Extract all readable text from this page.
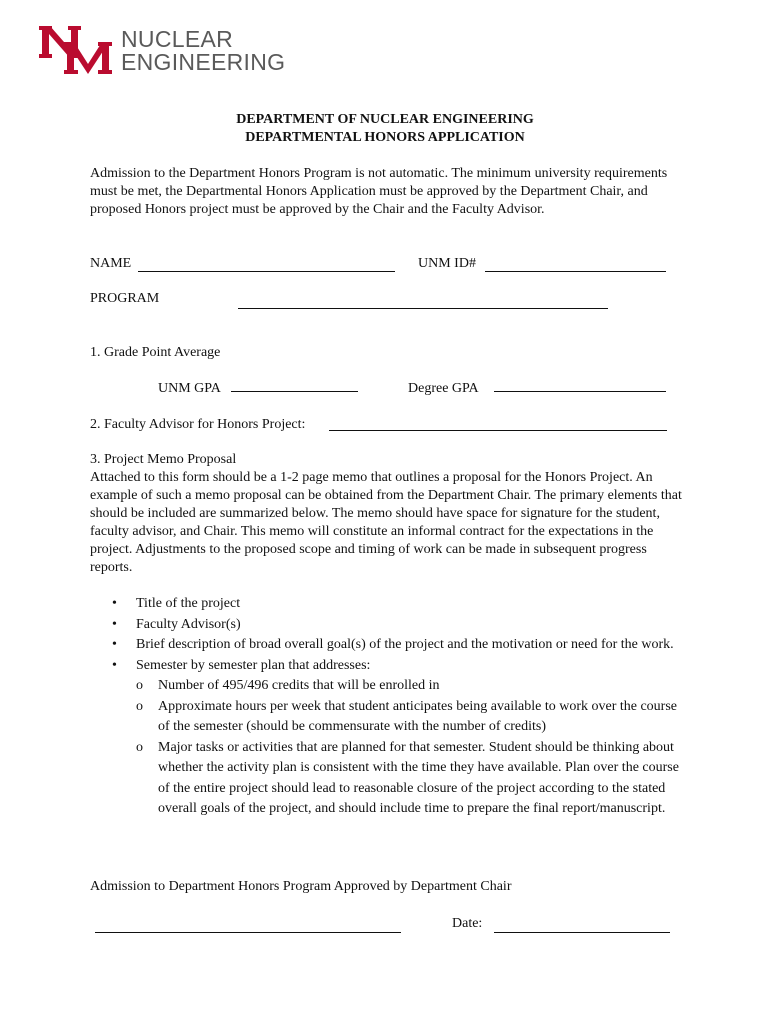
NUCLEAR
ENGINEERING
DEPARTMENT OF NUCLEAR ENGINEERING
DEPARTMENTAL HONORS APPLICATION
Admission to the Department Honors Program is not automatic. The minimum university requirements must be met, the Departmental Honors Application must be approved by the Department Chair, and proposed Honors project must be approved by the Chair and the Faculty Advisor.
NAME	UNM ID#
PROGRAM
1. Grade Point Average
UNM GPA	Degree GPA
2. Faculty Advisor for Honors Project:
3. Project Memo Proposal
Attached to this form should be a 1-2 page memo that outlines a proposal for the Honors Project. An example of such a memo proposal can be obtained from the Department Chair. The primary elements that should be included are summarized below. The memo should have space for signature for the student, faculty advisor, and Chair. This memo will constitute an informal contract for the expectations in the project. Adjustments to the proposed scope and timing of work can be made in subsequent progress reports.
• Title of the project
• Faculty Advisor(s)
• Brief description of broad overall goal(s) of the project and the motivation or need for the work.
• Semester by semester plan that addresses:
o Number of 495/496 credits that will be enrolled in
o Approximate hours per week that student anticipates being available to work over the course of the semester (should be commensurate with the number of credits)
o Major tasks or activities that are planned for that semester. Student should be thinking about whether the activity plan is consistent with the time they have available. Plan over the course of the entire project should lead to reasonable closure of the project according to the stated overall goals of the project, and should include time to prepare the final report/manuscript.
Admission to Department Honors Program Approved by Department Chair
Date:
